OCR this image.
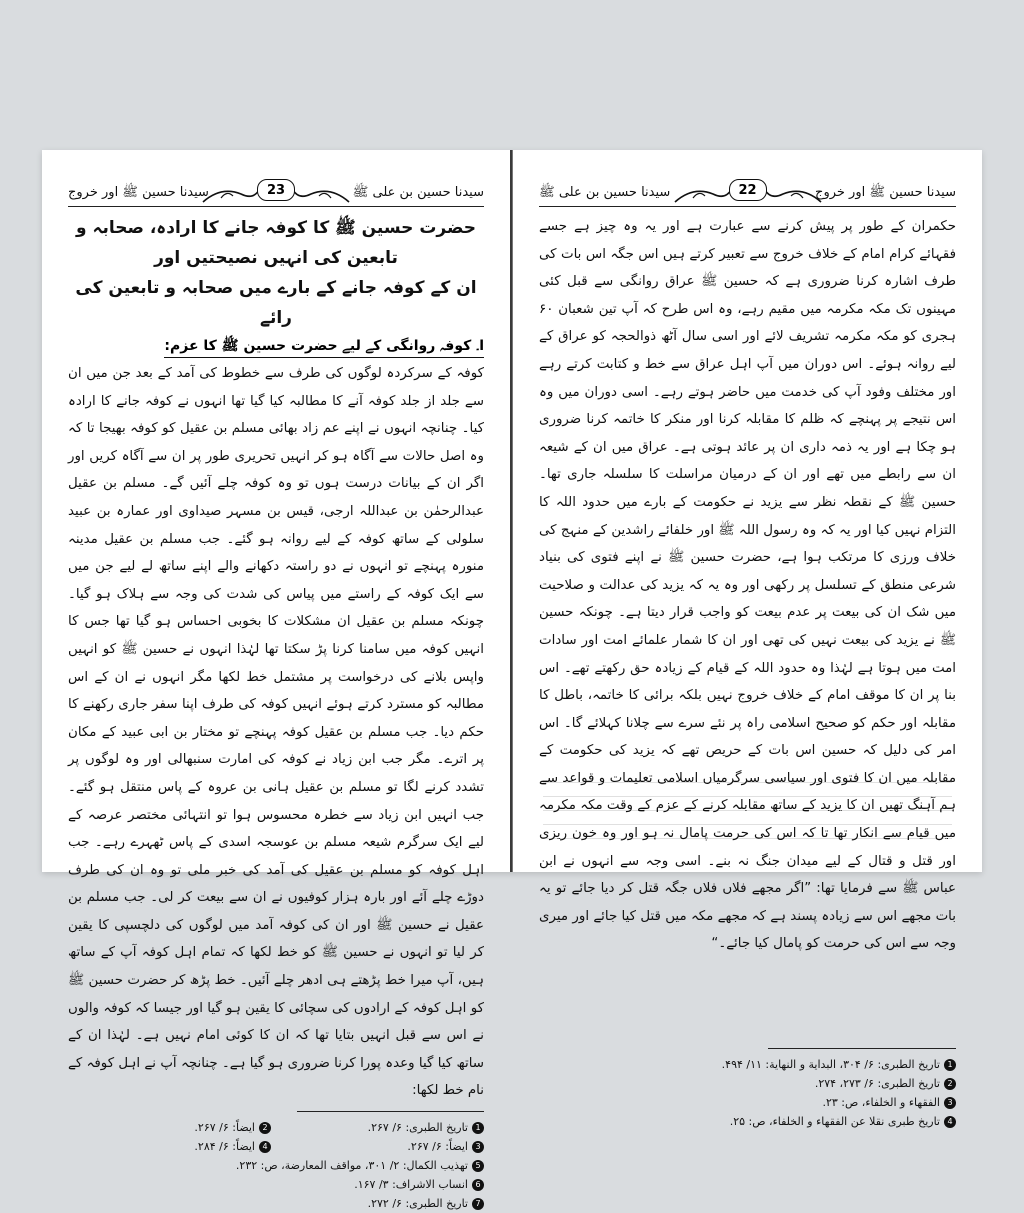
سیدنا حسین بن علی ﷺ
23
سیدنا حسین ﷺ اور خروج
حضرت حسین ﷺ کا کوفہ جانے کا ارادہ، صحابہ و تابعین کی انہیں نصیحتیں اور
ان کے کوفہ جانے کے بارے میں صحابہ و تابعین کی رائے
ا۔ کوفہ روانگی کے لیے حضرت حسین ﷺ کا عزم:

کوفہ کے سرکردہ لوگوں کی طرف سے خطوط کی آمد کے بعد جن میں ان سے جلد از جلد کوفہ آنے کا مطالبہ کیا گیا تھا انہوں نے کوفہ جانے کا ارادہ کیا۔ چنانچہ انہوں نے اپنے عم زاد بھائی مسلم بن عقیل کو کوفہ بھیجا تا کہ وہ اصل حالات سے آگاہ ہو کر انہیں تحریری طور پر ان سے آگاہ کریں اور اگر ان کے بیانات درست ہوں تو وہ کوفہ چلے آئیں گے۔ مسلم بن عقیل عبدالرحمٰن بن عبداللہ ارجی، قیس بن مسہر صیداوی اور عمارہ بن عبید سلولی کے ساتھ کوفہ کے لیے روانہ ہو گئے۔ جب مسلم بن عقیل مدینہ منورہ پہنچے تو انہوں نے دو راستہ دکھانے والے اپنے ساتھ لے لیے جن میں سے ایک کوفہ کے راستے میں پیاس کی شدت کی وجہ سے ہلاک ہو گیا۔ چونکہ مسلم بن عقیل ان مشکلات کا بخوبی احساس ہو گیا تھا جس کا انہیں کوفہ میں سامنا کرنا پڑ سکتا تھا لہٰذا انہوں نے حسین ﷺ کو انہیں واپس بلانے کی درخواست پر مشتمل خط لکھا مگر انہوں نے ان کے اس مطالبہ کو مسترد کرتے ہوئے انہیں کوفہ کی طرف اپنا سفر جاری رکھنے کا حکم دیا۔ جب مسلم بن عقیل کوفہ پہنچے تو مختار بن ابی عبید کے مکان پر اترے۔ مگر جب ابن زیاد نے کوفہ کی امارت سنبھالی اور وہ لوگوں پر تشدد کرنے لگا تو مسلم بن عقیل ہانی بن عروہ کے پاس منتقل ہو گئے۔ جب انہیں ابن زیاد سے خطرہ محسوس ہوا تو انتہائی مختصر عرصہ کے لیے ایک سرگرم شیعہ مسلم بن عوسجہ اسدی کے پاس ٹھہرے رہے۔ جب اہل کوفہ کو مسلم بن عقیل کی آمد کی خبر ملی تو وہ ان کی طرف دوڑے چلے آئے اور بارہ ہزار کوفیوں نے ان سے بیعت کر لی۔ جب مسلم بن عقیل نے حسین ﷺ اور ان کی کوفہ آمد میں لوگوں کی دلچسپی کا یقین کر لیا تو انہوں نے حسین ﷺ کو خط لکھا کہ تمام اہل کوفہ آپ کے ساتھ ہیں، آپ میرا خط پڑھتے ہی ادھر چلے آئیں۔ خط پڑھ کر حضرت حسین ﷺ کو اہل کوفہ کے ارادوں کی سچائی کا یقین ہو گیا اور جیسا کہ کوفہ والوں نے اس سے قبل انہیں بتایا تھا کہ ان کا کوئی امام نہیں ہے۔ لہٰذا ان کے ساتھ کیا گیا وعدہ پورا کرنا ضروری ہو گیا ہے۔ چنانچہ آپ نے اہل کوفہ کے نام خط لکھا:

1
تاریخ الطبری: ۶/ ۲۶۷.
2
ایضاً: ۶/ ۲۶۷.
3
ایضاً: ۶/ ۲۶۷.
4
ایضاً: ۶/ ۲۸۴.
5
تھذیب الکمال: ۲/ ۳۰۱، مواقف المعارضة، ص: ۲۳۲.
6
انساب الاشراف: ۳/ ۱۶۷.
7
تاریخ الطبری: ۶/ ۲۷۲.
سیدنا حسین ﷺ اور خروج
22
سیدنا حسین بن علی ﷺ

حکمران کے طور پر پیش کرنے سے عبارت ہے اور یہ وہ چیز ہے جسے فقہائے کرام امام کے خلاف خروج سے تعبیر کرتے ہیں اس جگہ اس بات کی طرف اشارہ کرنا ضروری ہے کہ حسین ﷺ عراق روانگی سے قبل کئی مہینوں تک مکہ مکرمہ میں مقیم رہے، وہ اس طرح کہ آپ تین شعبان ۶۰ ہجری کو مکہ مکرمہ تشریف لائے اور اسی سال آٹھ ذوالحجہ کو عراق کے لیے روانہ ہوئے۔ اس دوران میں آپ اہل عراق سے خط و کتابت کرتے رہے اور مختلف وفود آپ کی خدمت میں حاضر ہوتے رہے۔ اسی دوران میں وہ اس نتیجے پر پہنچے کہ ظلم کا مقابلہ کرنا اور منکر کا خاتمہ کرنا ضروری ہو چکا ہے اور یہ ذمہ داری ان پر عائد ہوتی ہے۔ عراق میں ان کے شیعہ ان سے رابطے میں تھے اور ان کے درمیان مراسلت کا سلسلہ جاری تھا۔ حسین ﷺ کے نقطہ نظر سے یزید نے حکومت کے بارے میں حدود اللہ کا التزام نہیں کیا اور یہ کہ وہ رسول اللہ ﷺ اور خلفائے راشدین کے منہج کی خلاف ورزی کا مرتکب ہوا ہے، حضرت حسین ﷺ نے اپنے فتوی کی بنیاد شرعی منطق کے تسلسل پر رکھی اور وہ یہ کہ یزید کی عدالت و صلاحیت میں شک ان کی بیعت پر عدم بیعت کو واجب قرار دیتا ہے۔ چونکہ حسین ﷺ نے یزید کی بیعت نہیں کی تھی اور ان کا شمار علمائے امت اور سادات امت میں ہوتا ہے لہٰذا وہ حدود اللہ کے قیام کے زیادہ حق رکھتے تھے۔ اس بنا پر ان کا موقف امام کے خلاف خروج نہیں بلکہ برائی کا خاتمہ، باطل کا مقابلہ اور حکم کو صحیح اسلامی راہ پر نئے سرے سے چلانا کہلائے گا۔ اس امر کی دلیل کہ حسین اس بات کے حریص تھے کہ یزید کی حکومت کے مقابلہ میں ان کا فتوی اور سیاسی سرگرمیاں اسلامی تعلیمات و قواعد سے ہم آہنگ تھیں ان کا یزید کے ساتھ مقابلہ کرنے کے عزم کے وقت مکہ مکرمہ میں قیام سے انکار تھا تا کہ اس کی حرمت پامال نہ ہو اور وہ خون ریزی اور قتل و قتال کے لیے میدان جنگ نہ بنے۔ اسی وجہ سے انہوں نے ابن عباس ﷺ سے فرمایا تھا: ”اگر مجھے فلاں فلاں جگہ قتل کر دیا جائے تو یہ بات مجھے اس سے زیادہ پسند ہے کہ مجھے مکہ میں قتل کیا جائے اور میری وجہ سے اس کی حرمت کو پامال کیا جائے۔“

1
تاریخ الطبری: ۶/ ۳۰۴، البدایة و النهایة: ۱۱/ ۴۹۴.
2
تاریخ الطبری: ۶/ ۲۷۳، ۲۷۴.
3
الفقهاء و الخلفاء، ص: ۲۳.
4
تاریخ طبری نقلا عن الفقهاء و الخلفاء، ص: ۲۵.
